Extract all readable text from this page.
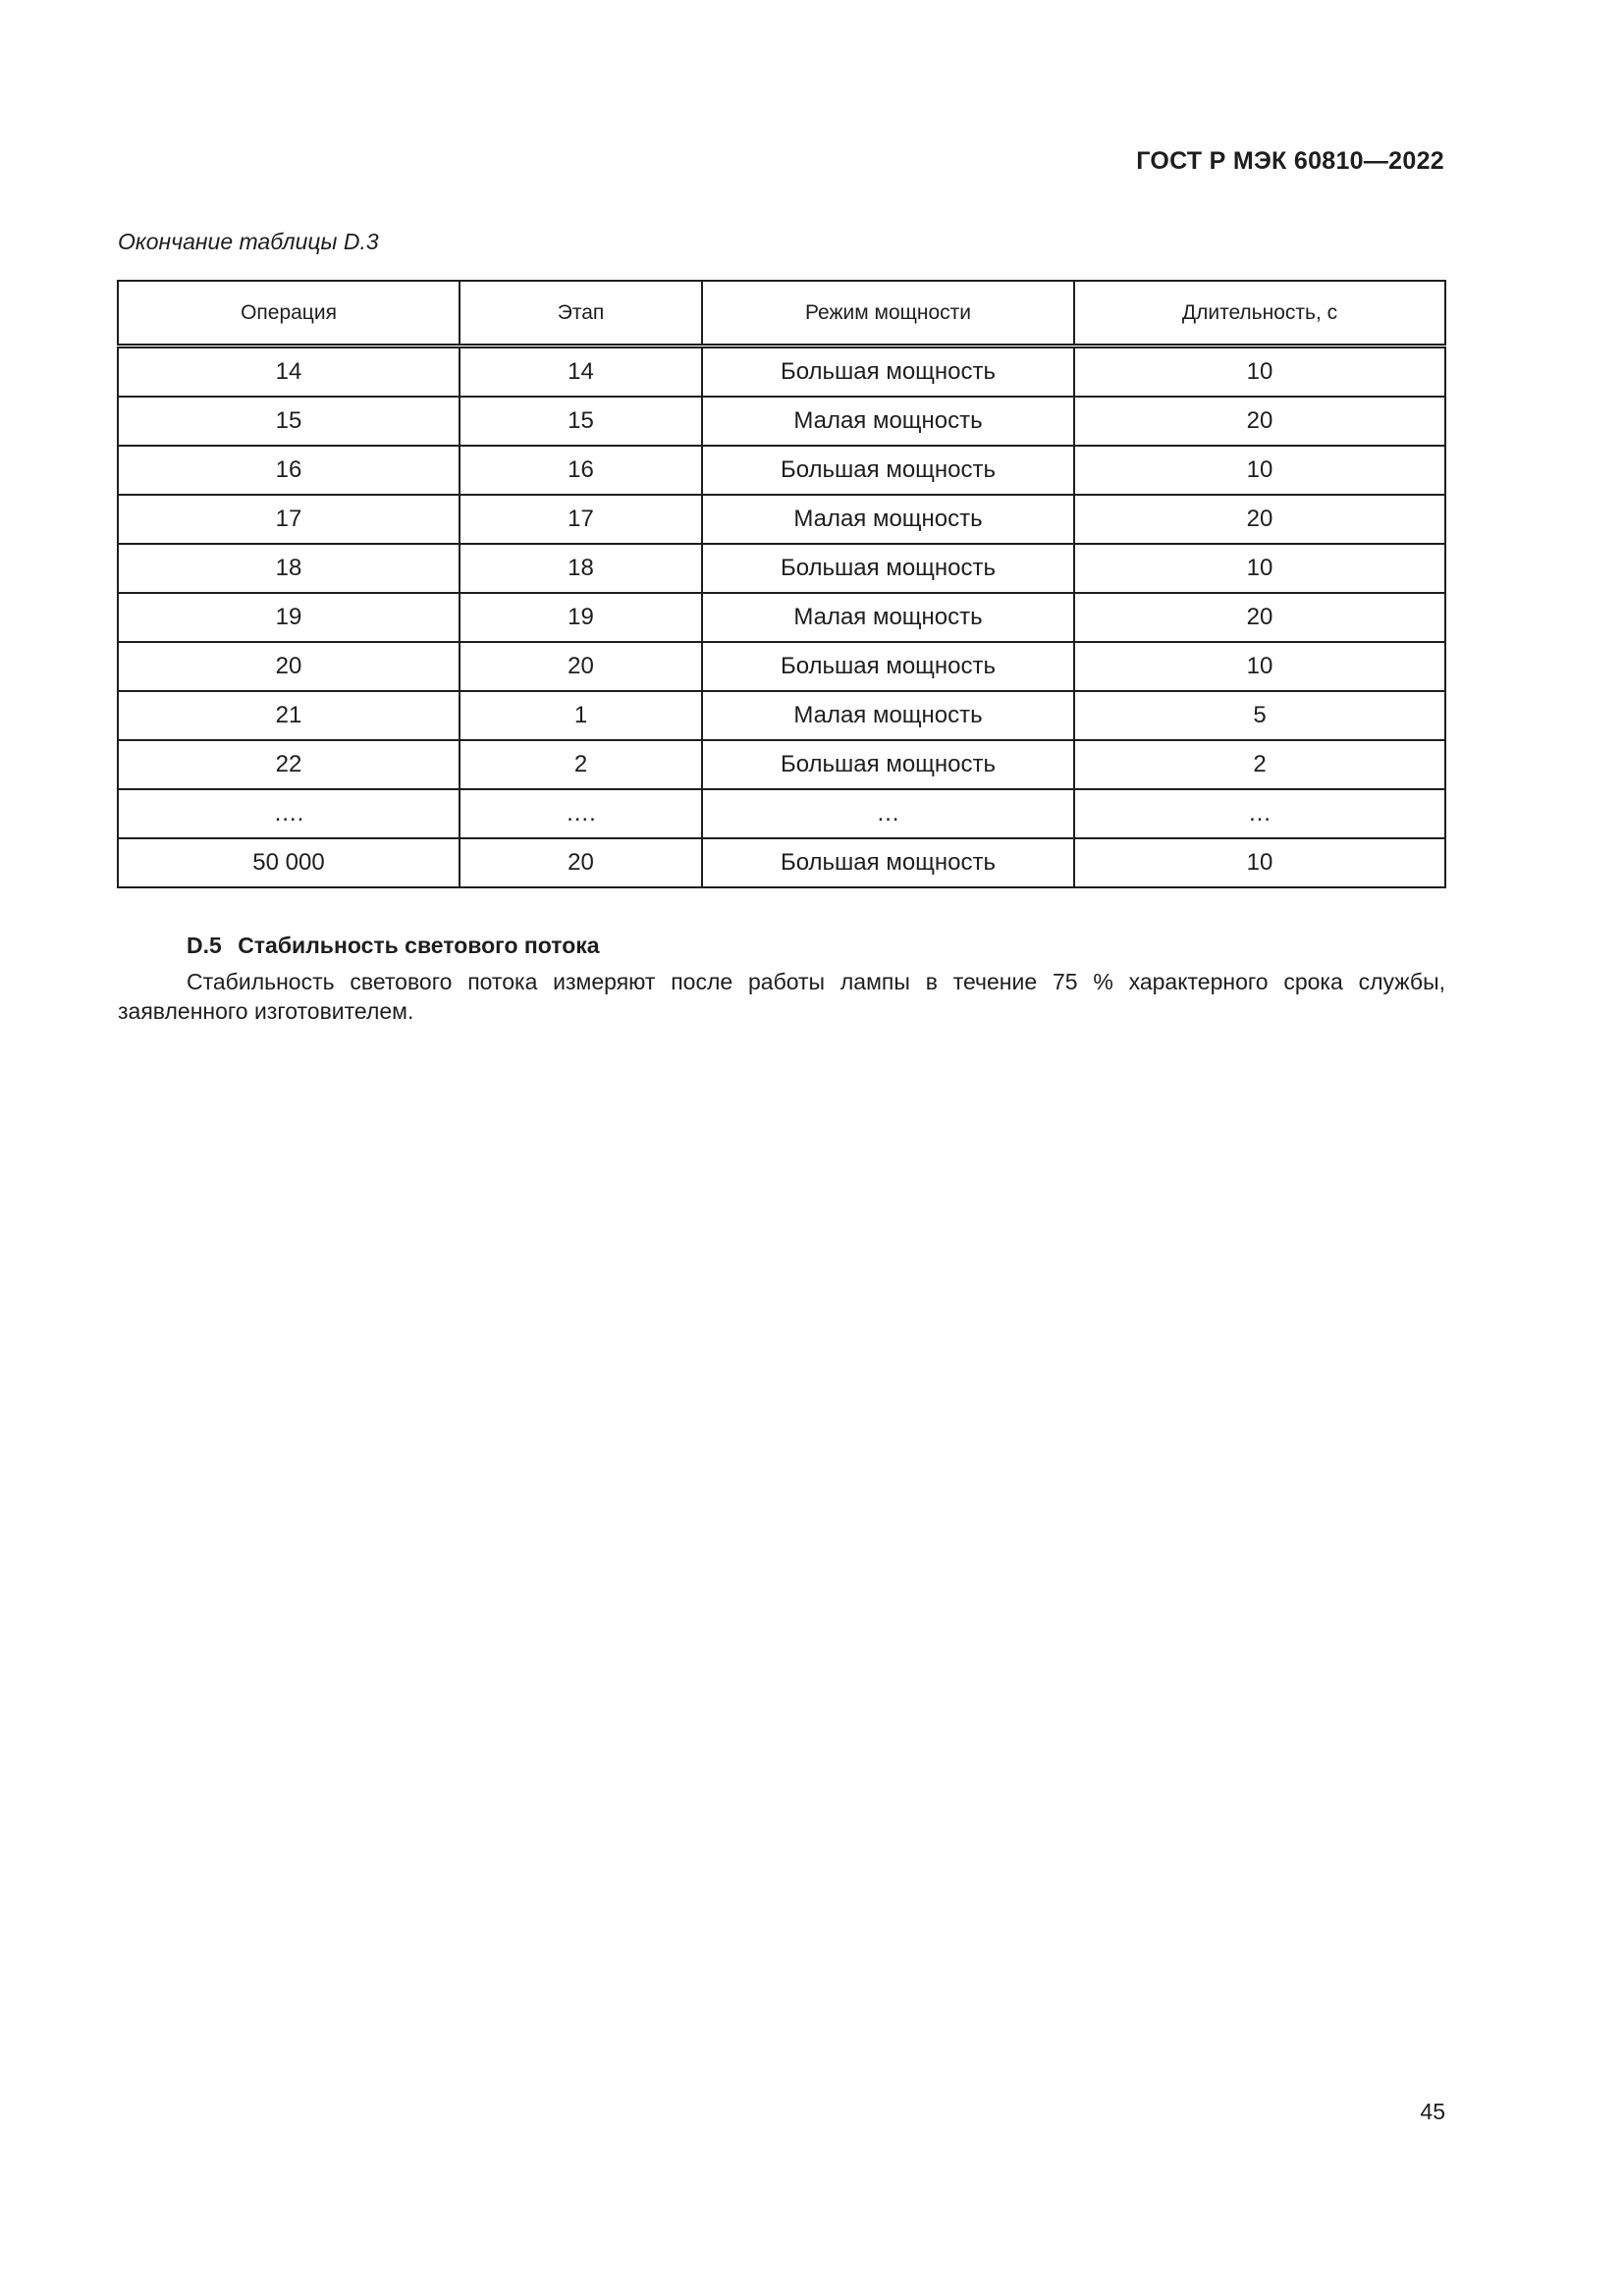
ГОСТ Р МЭК 60810—2022
Окончание таблицы D.3
Операция	Этап	Режим мощности	Длительность, с
14	14	Большая мощность	10
15	15	Малая мощность	20
16	16	Большая мощность	10
17	17	Малая мощность	20
18	18	Большая мощность	10
19	19	Малая мощность	20
20	20	Большая мощность	10
21	1	Малая мощность	5
22	2	Большая мощность	2
….	….	…	…
50 000	20	Большая мощность	10
D.5 Стабильность светового потока
Стабильность светового потока измеряют после работы лампы в течение 75 % характерного срока службы, заявленного изготовителем.
45
